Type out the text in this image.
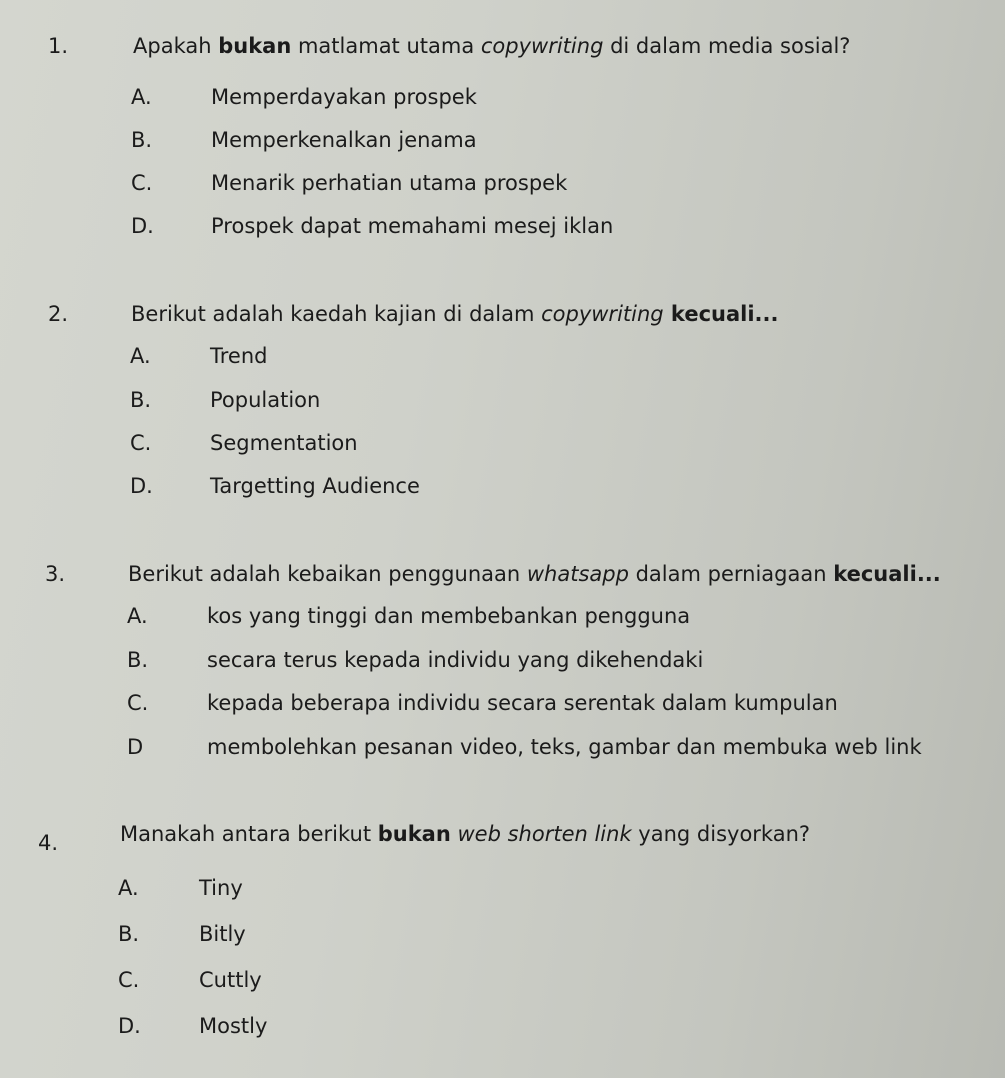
1.	Apakah bukan matlamat utama copywriting di dalam media sosial?
A.	Memperdayakan prospek
B.	Memperkenalkan jenama
C.	Menarik perhatian utama prospek
D.	Prospek dapat memahami mesej iklan
2.	Berikut adalah kaedah kajian di dalam copywriting kecuali...
A.	Trend
B.	Population
C.	Segmentation
D.	Targetting Audience
3.	Berikut adalah kebaikan penggunaan whatsapp dalam perniagaan kecuali...
A.	kos yang tinggi dan membebankan pengguna
B.	secara terus kepada individu yang dikehendaki
C.	kepada beberapa individu secara serentak dalam kumpulan
D	membolehkan pesanan video, teks, gambar dan membuka web link
4.	Manakah antara berikut bukan web shorten link yang disyorkan?
A.	Tiny
B.	Bitly
C.	Cuttly
D.	Mostly
